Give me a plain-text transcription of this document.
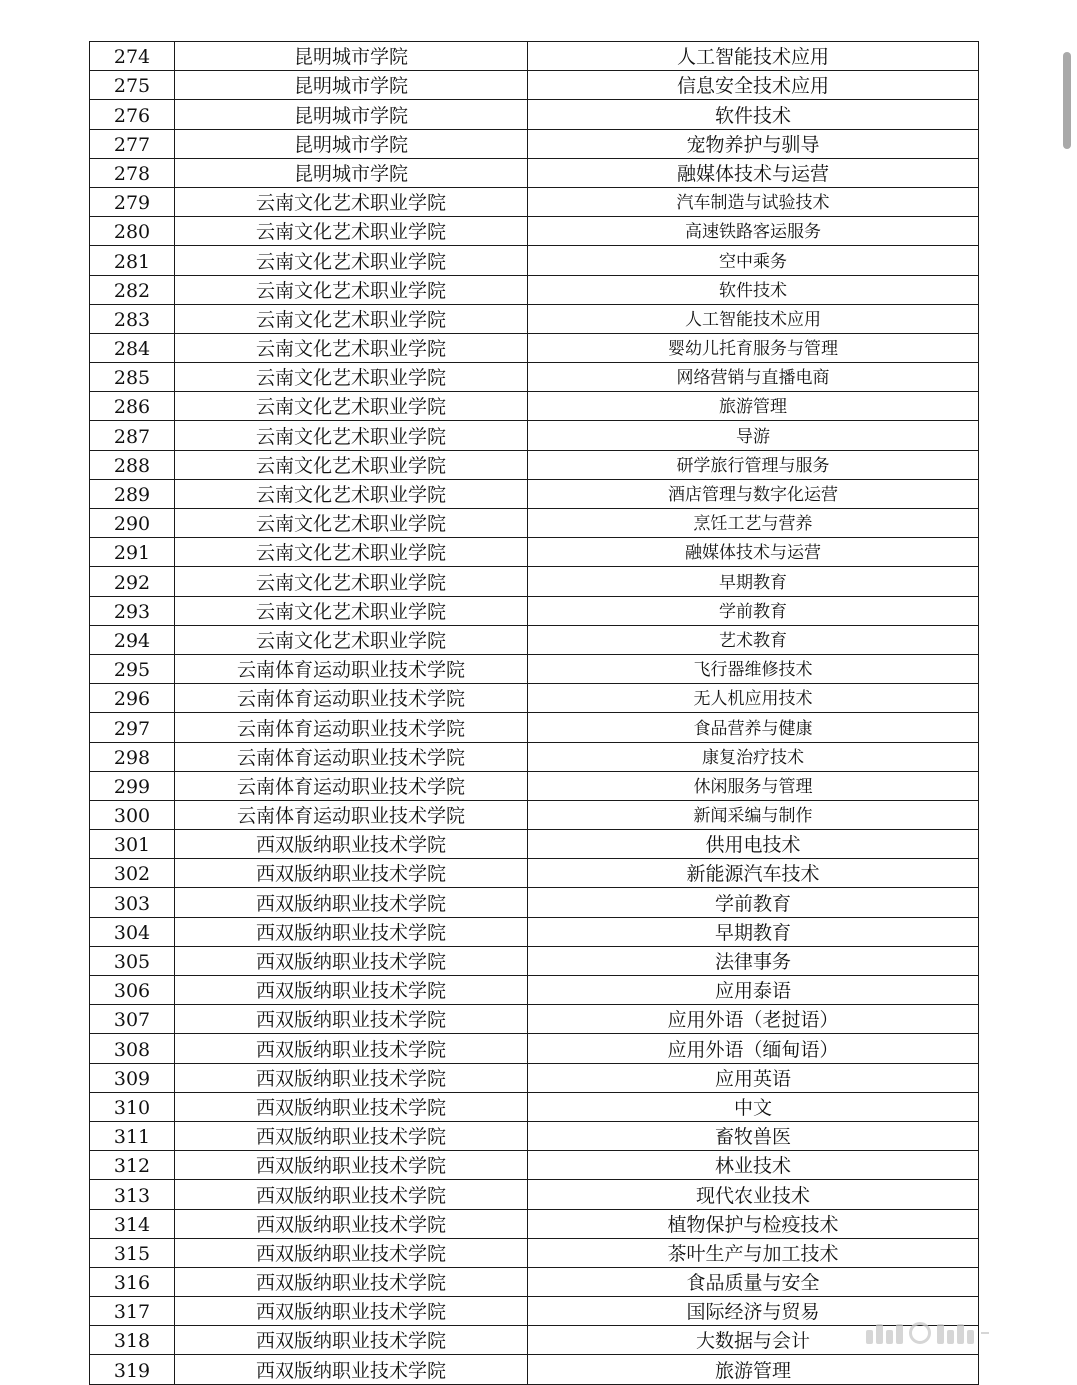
274	昆明城市学院	人工智能技术应用
275	昆明城市学院	信息安全技术应用
276	昆明城市学院	软件技术
277	昆明城市学院	宠物养护与驯导
278	昆明城市学院	融媒体技术与运营
279	云南文化艺术职业学院	汽车制造与试验技术
280	云南文化艺术职业学院	高速铁路客运服务
281	云南文化艺术职业学院	空中乘务
282	云南文化艺术职业学院	软件技术
283	云南文化艺术职业学院	人工智能技术应用
284	云南文化艺术职业学院	婴幼儿托育服务与管理
285	云南文化艺术职业学院	网络营销与直播电商
286	云南文化艺术职业学院	旅游管理
287	云南文化艺术职业学院	导游
288	云南文化艺术职业学院	研学旅行管理与服务
289	云南文化艺术职业学院	酒店管理与数字化运营
290	云南文化艺术职业学院	烹饪工艺与营养
291	云南文化艺术职业学院	融媒体技术与运营
292	云南文化艺术职业学院	早期教育
293	云南文化艺术职业学院	学前教育
294	云南文化艺术职业学院	艺术教育
295	云南体育运动职业技术学院	飞行器维修技术
296	云南体育运动职业技术学院	无人机应用技术
297	云南体育运动职业技术学院	食品营养与健康
298	云南体育运动职业技术学院	康复治疗技术
299	云南体育运动职业技术学院	休闲服务与管理
300	云南体育运动职业技术学院	新闻采编与制作
301	西双版纳职业技术学院	供用电技术
302	西双版纳职业技术学院	新能源汽车技术
303	西双版纳职业技术学院	学前教育
304	西双版纳职业技术学院	早期教育
305	西双版纳职业技术学院	法律事务
306	西双版纳职业技术学院	应用泰语
307	西双版纳职业技术学院	应用外语（老挝语）
308	西双版纳职业技术学院	应用外语（缅甸语）
309	西双版纳职业技术学院	应用英语
310	西双版纳职业技术学院	中文
311	西双版纳职业技术学院	畜牧兽医
312	西双版纳职业技术学院	林业技术
313	西双版纳职业技术学院	现代农业技术
314	西双版纳职业技术学院	植物保护与检疫技术
315	西双版纳职业技术学院	茶叶生产与加工技术
316	西双版纳职业技术学院	食品质量与安全
317	西双版纳职业技术学院	国际经济与贸易
318	西双版纳职业技术学院	大数据与会计
319	西双版纳职业技术学院	旅游管理
